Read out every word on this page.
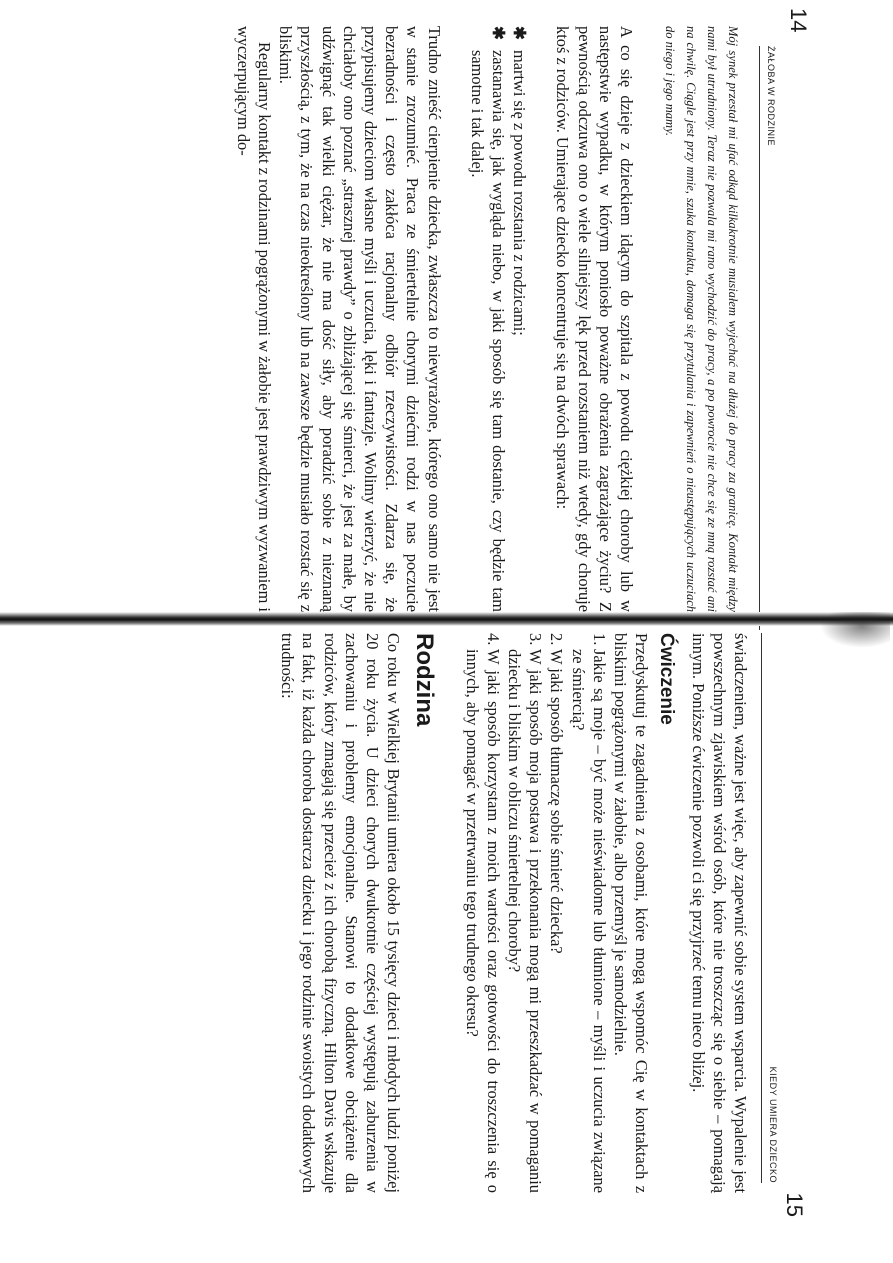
14
ŻAŁOBA W RODZINIE

Mój synek przestał mi ufać odkąd kilkakrotnie musiałem wyjechać na dłużej do pracy za granicę. Kontakt między nami był utrudniony. Teraz nie pozwala mi rano wychodzić do pracy, a po powrocie nie chce się ze mną rozstać ani na chwilę. Ciągle jest przy mnie, szuka kontaktu, domaga się przytulania i zapewnień o nieustępujących uczuciach do niego i jego mamy.

A co się dzieje z dzieckiem idącym do szpitala z powodu ciężkiej choroby lub w następstwie wypadku, w którym poniosło poważne obrażenia zagrażające życiu? Z pewnością odczuwa ono o wiele silniejszy lęk przed rozstaniem niż wtedy, gdy choruje ktoś z rodziców. Umierające dziecko koncentruje się na dwóch sprawach:

✱
martwi się z powodu rozstania z rodzicami;
✱
zastanawia się, jak wygląda niebo, w jaki sposób się tam dostanie, czy będzie tam samotne i tak dalej.

Trudno znieść cierpienie dziecka, zwłaszcza to niewyrażone, którego ono samo nie jest w stanie zrozumieć. Praca ze śmiertelnie chorymi dziećmi rodzi w nas poczucie bezradności i często zakłóca racjonalny odbiór rzeczywistości. Zdarza się, że przypisujemy dzieciom własne myśli i uczucia, lęki i fantazje. Wolimy wierzyć, że nie chciałoby ono poznać „strasznej prawdy” o zbliżającej się śmierci, że jest za małe, by udźwignąć tak wielki ciężar, że nie ma dość siły, aby poradzić sobie z nieznaną przyszłością, z tym, że na czas nieokreślony lub na zawsze będzie musiało rozstać się z bliskimi.

Regularny kontakt z rodzinami pogrążonymi w żałobie jest prawdziwym wyzwaniem i wyczerpującym do-

KIEDY UMIERA DZIECKO
15

świadczeniem, ważne jest więc, aby zapewnić sobie system wsparcia. Wypalenie jest powszechnym zjawiskiem wśród osób, które nie troszcząc się o siebie – pomagają innym. Poniższe ćwiczenie pozwoli ci się przyjrzeć temu nieco bliżej.

Ćwiczenie

Przedyskutuj te zagadnienia z osobami, które mogą wspomóc Cię w kontaktach z bliskimi pogrążonymi w żałobie, albo przemyśl je samodzielnie.

1.
Jakie są moje – być może nieświadome lub tłumione – myśli i uczucia związane ze śmiercią?
2.
W jaki sposób tłumaczę sobie śmierć dziecka?
3.
W jaki sposób moja postawa i przekonania mogą mi przeszkadzać w pomaganiu dziecku i bliskim w obliczu śmiertelnej choroby?
4.
W jaki sposób korzystam z moich wartości oraz gotowości do troszczenia się o innych, aby pomagać w przetrwaniu tego trudnego okresu?
Rodzina

Co roku w Wielkiej Brytanii umiera około 15 tysięcy dzieci i młodych ludzi poniżej 20 roku życia. U dzieci chorych dwukrotnie częściej występują zaburzenia w zachowaniu i problemy emocjonalne. Stanowi to dodatkowe obciążenie dla rodziców, który zmagają się przecież z ich chorobą fizyczną. Hilton Davis wskazuje na fakt, iż każda choroba dostarcza dziecku i jego rodzinie swoistych dodatkowych trudności:
